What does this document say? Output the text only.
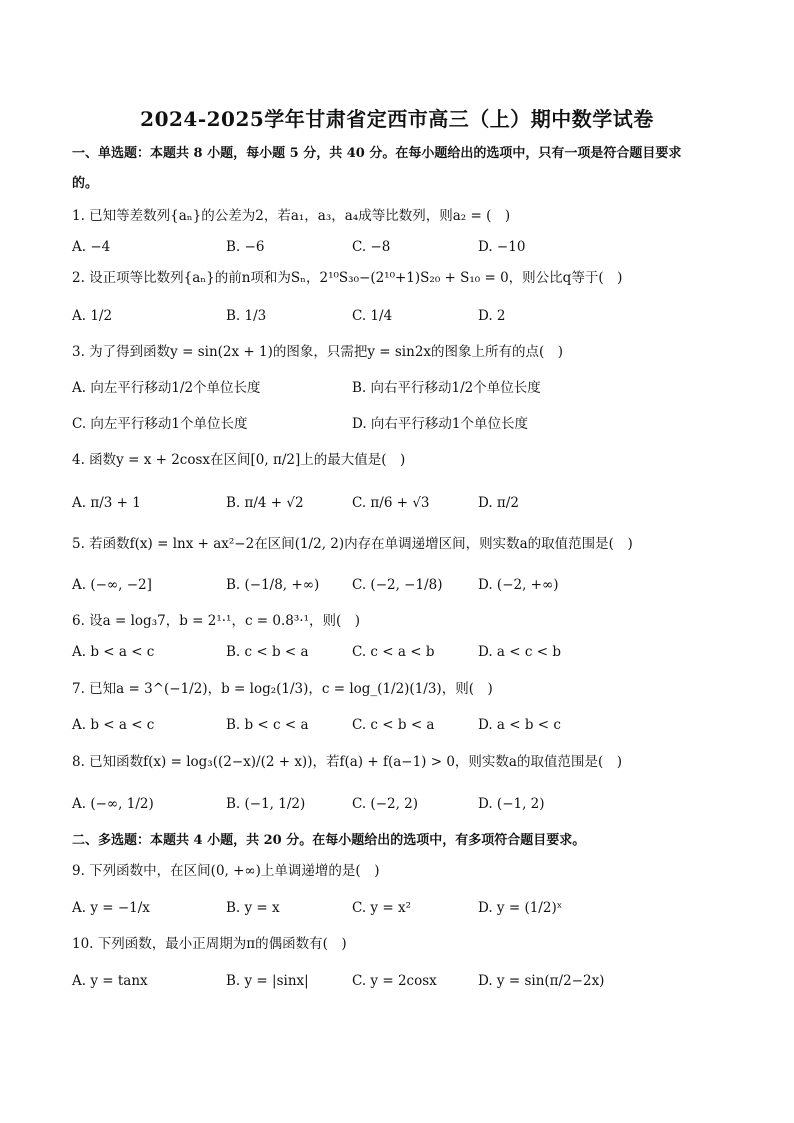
2024-2025学年甘肃省定西市高三（上）期中数学试卷
一、单选题：本题共 8 小题，每小题 5 分，共 40 分。在每小题给出的选项中，只有一项是符合题目要求
的。
1. 已知等差数列{aₙ}的公差为2，若a₁，a₃，a₄成等比数列，则a₂ = (　)
A. −4	B. −6	C. −8	D. −10
2. 设正项等比数列{aₙ}的前n项和为Sₙ，2¹⁰S₃₀−(2¹⁰+1)S₂₀ + S₁₀ = 0，则公比q等于(　)
A. 1/2	B. 1/3	C. 1/4	D. 2
3. 为了得到函数y = sin(2x + 1)的图象，只需把y = sin2x的图象上所有的点(　)
A. 向左平行移动1/2个单位长度	B. 向右平行移动1/2个单位长度
C. 向左平行移动1个单位长度	D. 向右平行移动1个单位长度
4. 函数y = x + 2cosx在区间[0, π/2]上的最大值是(　)
A. π/3 + 1	B. π/4 + √2	C. π/6 + √3	D. π/2
5. 若函数f(x) = lnx + ax²−2在区间(1/2, 2)内存在单调递增区间，则实数a的取值范围是(　)
A. (−∞, −2]	B. (−1/8, +∞) C. (−2, −1/8)	D. (−2, +∞)
6. 设a = log₃7，b = 2¹·¹，c = 0.8³·¹，则(　)
A. b < a < c	B. c < b < a	C. c < a < b	D. a < c < b
7. 已知a = 3^(−1/2)，b = log₂(1/3)，c = log_(1/2)(1/3)，则(　)
A. b < a < c	B. b < c < a	C. c < b < a	D. a < b < c
8. 已知函数f(x) = log₃((2−x)/(2 + x))，若f(a) + f(a−1) > 0，则实数a的取值范围是(　)
A. (−∞, 1/2)	B. (−1, 1/2)	C. (−2, 2)	D. (−1, 2)
二、多选题：本题共 4 小题，共 20 分。在每小题给出的选项中，有多项符合题目要求。
9. 下列函数中，在区间(0, +∞)上单调递增的是(　)
A. y = −1/x	B. y = x	C. y = x²	D. y = (1/2)ˣ
10. 下列函数，最小正周期为π的偶函数有(　)
A. y = tanx	B. y = |sinx|	C. y = 2cosx	D. y = sin(π/2−2x)
